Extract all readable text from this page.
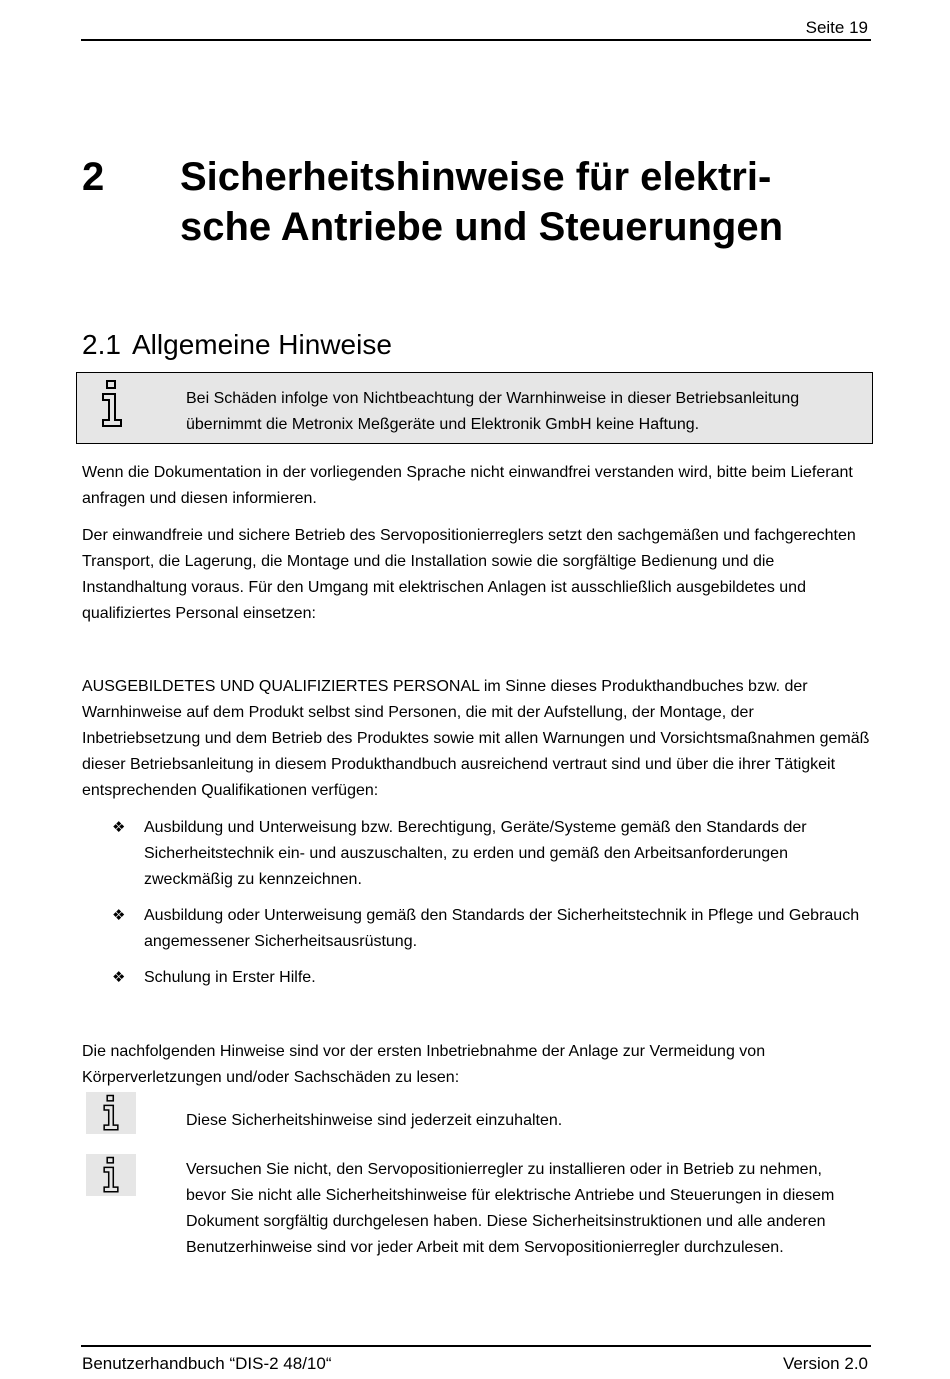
Seite 19
2 Sicherheitshinweise für elektri-
sche Antriebe und Steuerungen
2.1 Allgemeine Hinweise
Bei Schäden infolge von Nichtbeachtung der Warnhinweise in dieser Betriebsanleitung übernimmt die Metronix Meßgeräte und Elektronik GmbH keine Haftung.
Wenn die Dokumentation in der vorliegenden Sprache nicht einwandfrei verstanden wird, bitte beim Lieferant anfragen und diesen informieren.
Der einwandfreie und sichere Betrieb des Servopositionierreglers setzt den sachgemäßen und fachgerechten Transport, die Lagerung, die Montage und die Installation sowie die sorgfältige Bedienung und die Instandhaltung voraus. Für den Umgang mit elektrischen Anlagen ist ausschließlich ausgebildetes und qualifiziertes Personal einsetzen:
AUSGEBILDETES UND QUALIFIZIERTES PERSONAL im Sinne dieses Produkthandbuches bzw. der Warnhinweise auf dem Produkt selbst sind Personen, die mit der Aufstellung, der Montage, der Inbetriebsetzung und dem Betrieb des Produktes sowie mit allen Warnungen und Vorsichtsmaßnahmen gemäß dieser Betriebsanleitung in diesem Produkthandbuch ausreichend vertraut sind und über die ihrer Tätigkeit entsprechenden Qualifikationen verfügen:
❖ Ausbildung und Unterweisung bzw. Berechtigung, Geräte/Systeme gemäß den Standards der Sicherheitstechnik ein- und auszuschalten, zu erden und gemäß den Arbeitsanforderungen zweckmäßig zu kennzeichnen.
❖ Ausbildung oder Unterweisung gemäß den Standards der Sicherheitstechnik in Pflege und Gebrauch angemessener Sicherheitsausrüstung.
❖ Schulung in Erster Hilfe.
Die nachfolgenden Hinweise sind vor der ersten Inbetriebnahme der Anlage zur Vermeidung von Körperverletzungen und/oder Sachschäden zu lesen:
Diese Sicherheitshinweise sind jederzeit einzuhalten.
Versuchen Sie nicht, den Servopositionierregler zu installieren oder in Betrieb zu nehmen, bevor Sie nicht alle Sicherheitshinweise für elektrische Antriebe und Steuerungen in diesem Dokument sorgfältig durchgelesen haben. Diese Sicherheitsinstruktionen und alle anderen Benutzerhinweise sind vor jeder Arbeit mit dem Servopositionierregler durchzulesen.
Benutzerhandbuch “DIS-2 48/10“	Version 2.0
